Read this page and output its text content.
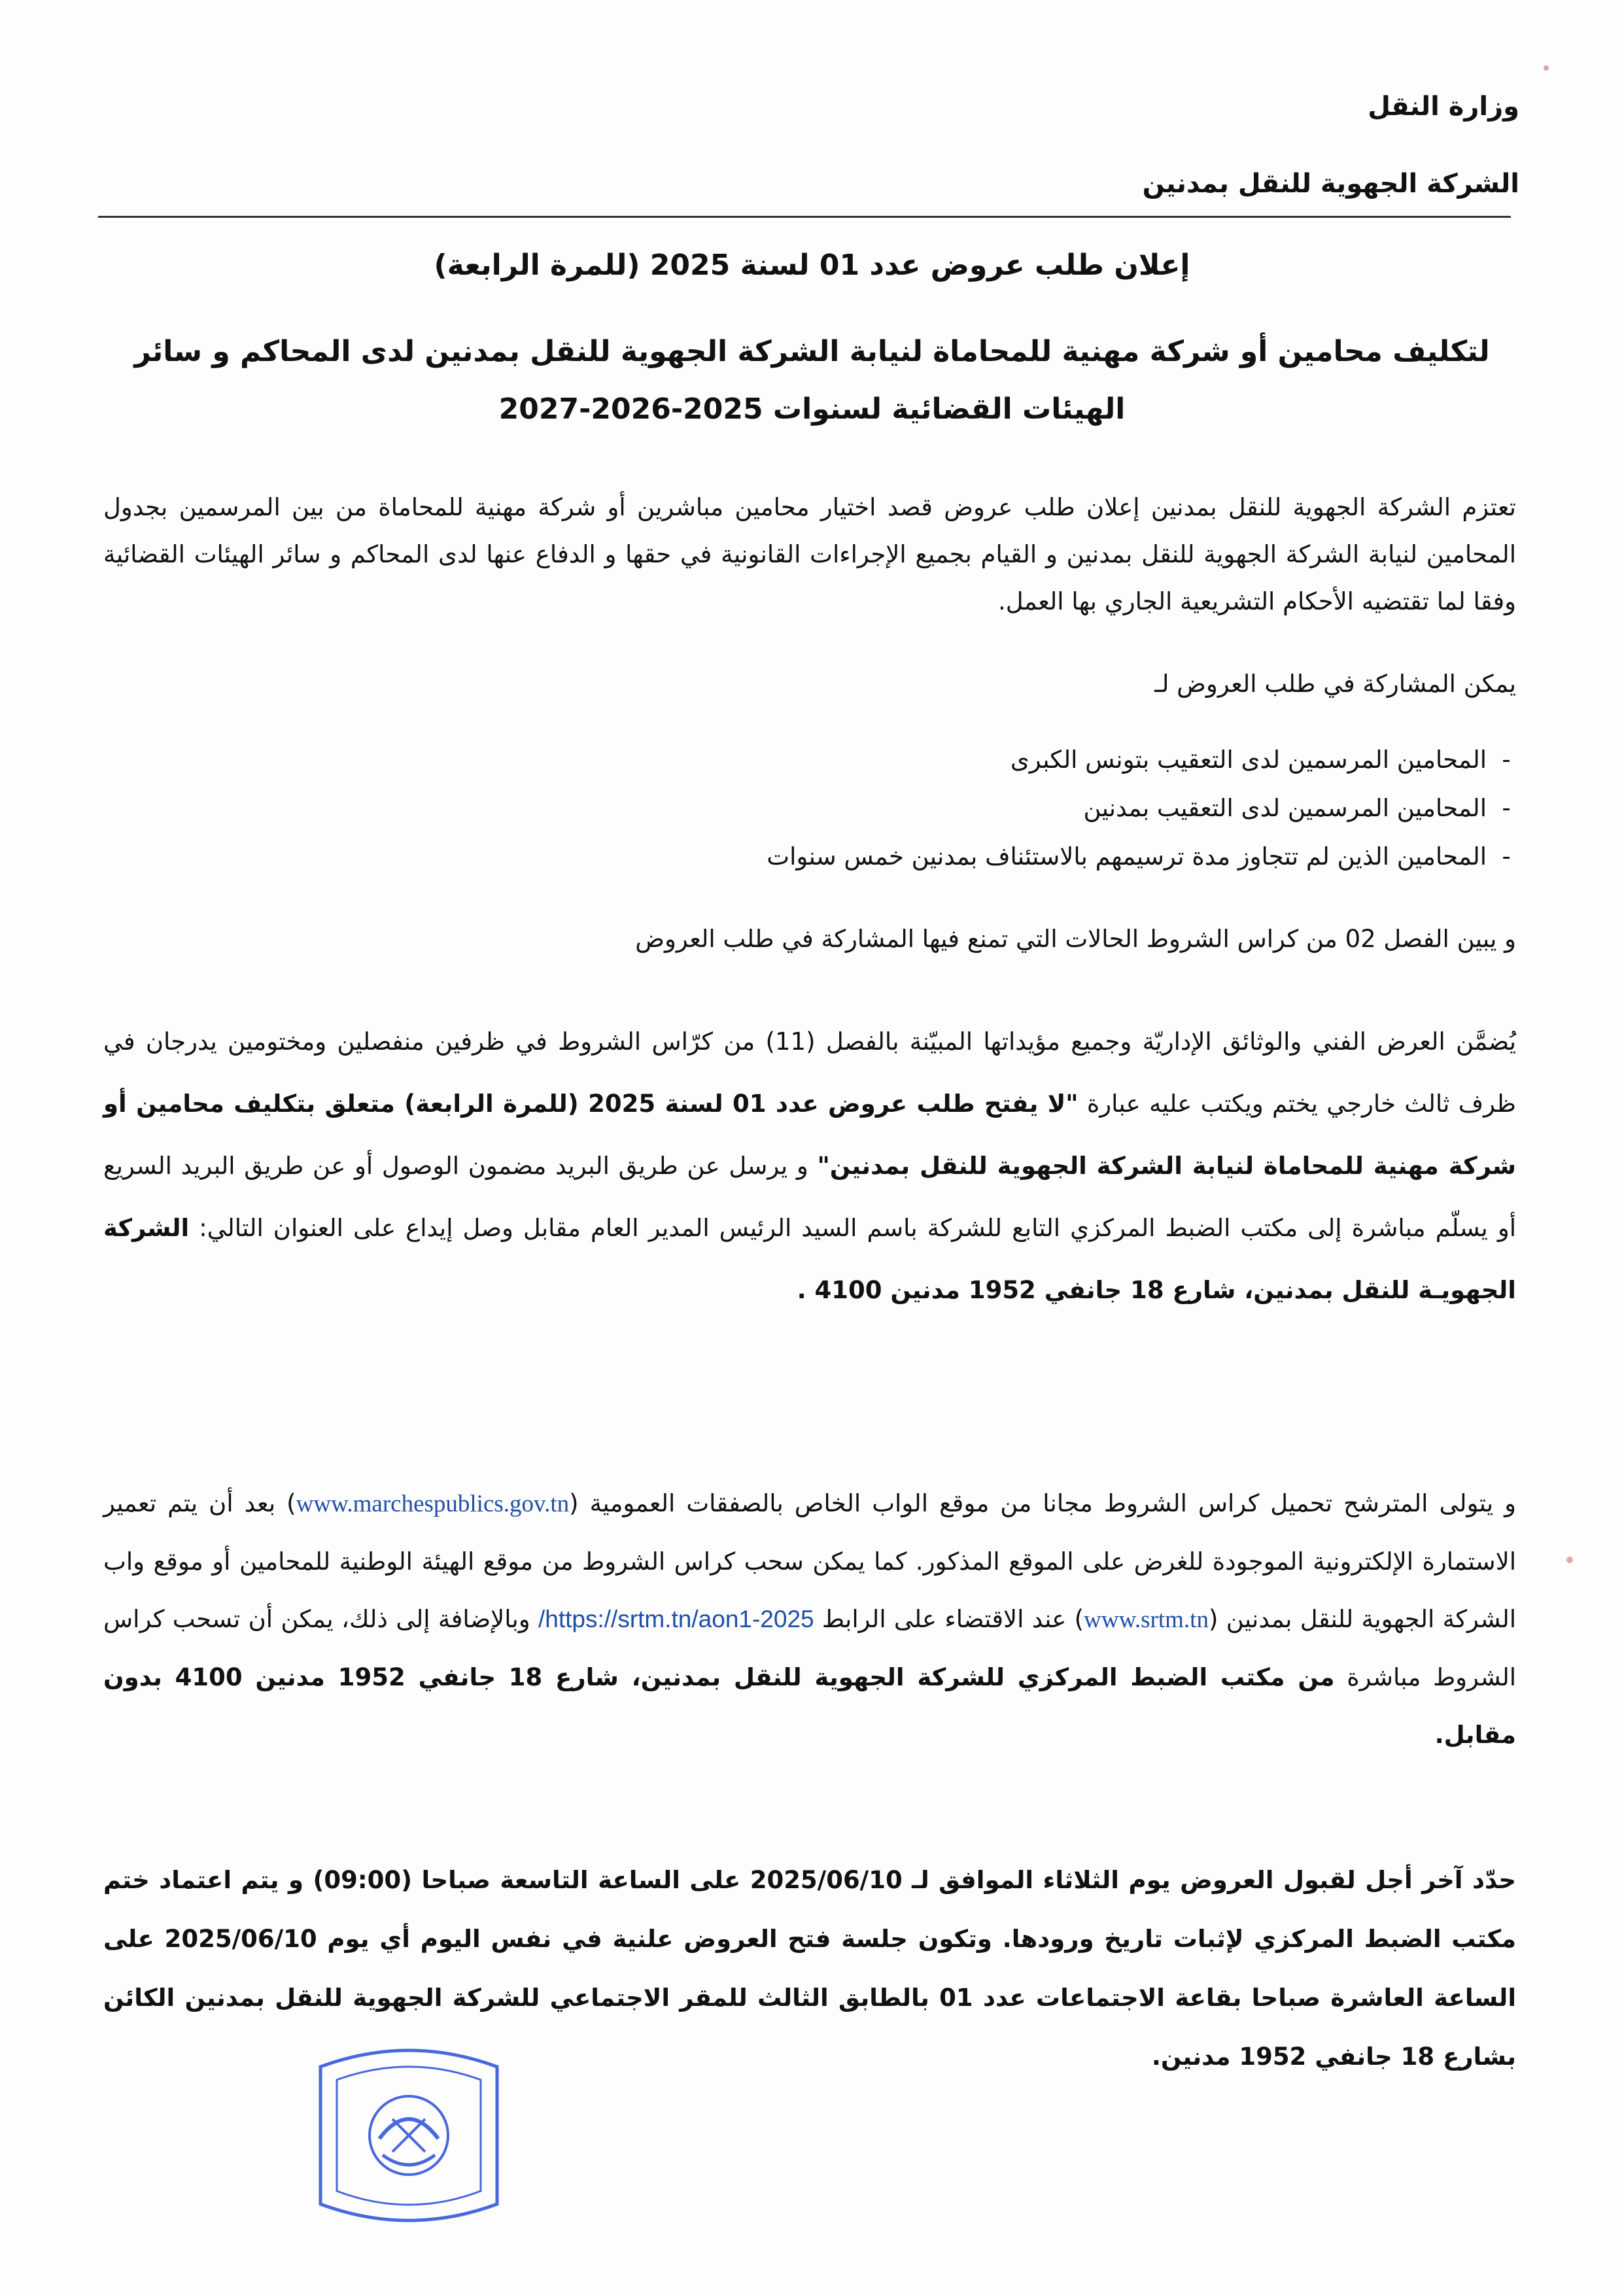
وزارة النقل
الشركة الجهوية للنقل بمدنين
إعلان طلب عروض عدد 01 لسنة 2025 (للمرة الرابعة)
لتكليف محامين أو شركة مهنية للمحاماة لنيابة الشركة الجهوية للنقل بمدنين لدى المحاكم و سائر
الهيئات القضائية لسنوات 2025-2026-2027
تعتزم الشركة الجهوية للنقل بمدنين إعلان طلب عروض قصد اختيار محامين مباشرين أو شركة مهنية للمحاماة من بين المرسمين بجدول المحامين لنيابة الشركة الجهوية للنقل بمدنين و القيام بجميع الإجراءات القانونية في حقها و الدفاع عنها لدى المحاكم و سائر الهيئات القضائية وفقا لما تقتضيه الأحكام التشريعية الجاري بها العمل.
يمكن المشاركة في طلب العروض لـ
-المحامين المرسمين لدى التعقيب بتونس الكبرى
-المحامين المرسمين لدى التعقيب بمدنين
-المحامين الذين لم تتجاوز مدة ترسيمهم بالاستئناف بمدنين خمس سنوات
و يبين الفصل 02 من كراس الشروط الحالات التي تمنع فيها المشاركة في طلب العروض
يُضمَّن العرض الفني والوثائق الإداريّة وجميع مؤيداتها المبيّنة بالفصل (11) من كرّاس الشروط في ظرفين منفصلين ومختومين يدرجان في ظرف ثالث خارجي يختم ويكتب عليه عبارة "لا يفتح طلب عروض عدد 01 لسنة 2025 (للمرة الرابعة) متعلق بتكليف محامين أو شركة مهنية للمحاماة لنيابة الشركة الجهوية للنقل بمدنين" و يرسل عن طريق البريد مضمون الوصول أو عن طريق البريد السريع أو يسلّم مباشرة إلى مكتب الضبط المركزي التابع للشركة باسم السيد الرئيس المدير العام مقابل وصل إيداع على العنوان التالي: الشركة الجهويـة للنقل بمدنين، شارع 18 جانفي 1952 مدنين 4100 .
و يتولى المترشح تحميل كراس الشروط مجانا من موقع الواب الخاص بالصفقات العمومية (www.marchespublics.gov.tn) بعد أن يتم تعمير الاستمارة الإلكترونية الموجودة للغرض على الموقع المذكور. كما يمكن سحب كراس الشروط من موقع الهيئة الوطنية للمحامين أو موقع واب الشركة الجهوية للنقل بمدنين (www.srtm.tn) عند الاقتضاء على الرابط https://srtm.tn/aon1-2025/ وبالإضافة إلى ذلك، يمكن أن تسحب كراس الشروط مباشرة من مكتب الضبط المركزي للشركة الجهوية للنقل بمدنين، شارع 18 جانفي 1952 مدنين 4100 بدون مقابل.
حدّد آخر أجل لقبول العروض يوم الثلاثاء الموافق لـ 2025/06/10 على الساعة التاسعة صباحا (09:00) و يتم اعتماد ختم مكتب الضبط المركزي لإثبات تاريخ ورودها. وتكون جلسة فتح العروض علنية في نفس اليوم أي يوم 2025/06/10 على الساعة العاشرة صباحا بقاعة الاجتماعات عدد 01 بالطابق الثالث للمقر الاجتماعي للشركة الجهوية للنقل بمدنين الكائن بشارع 18 جانفي 1952 مدنين.
